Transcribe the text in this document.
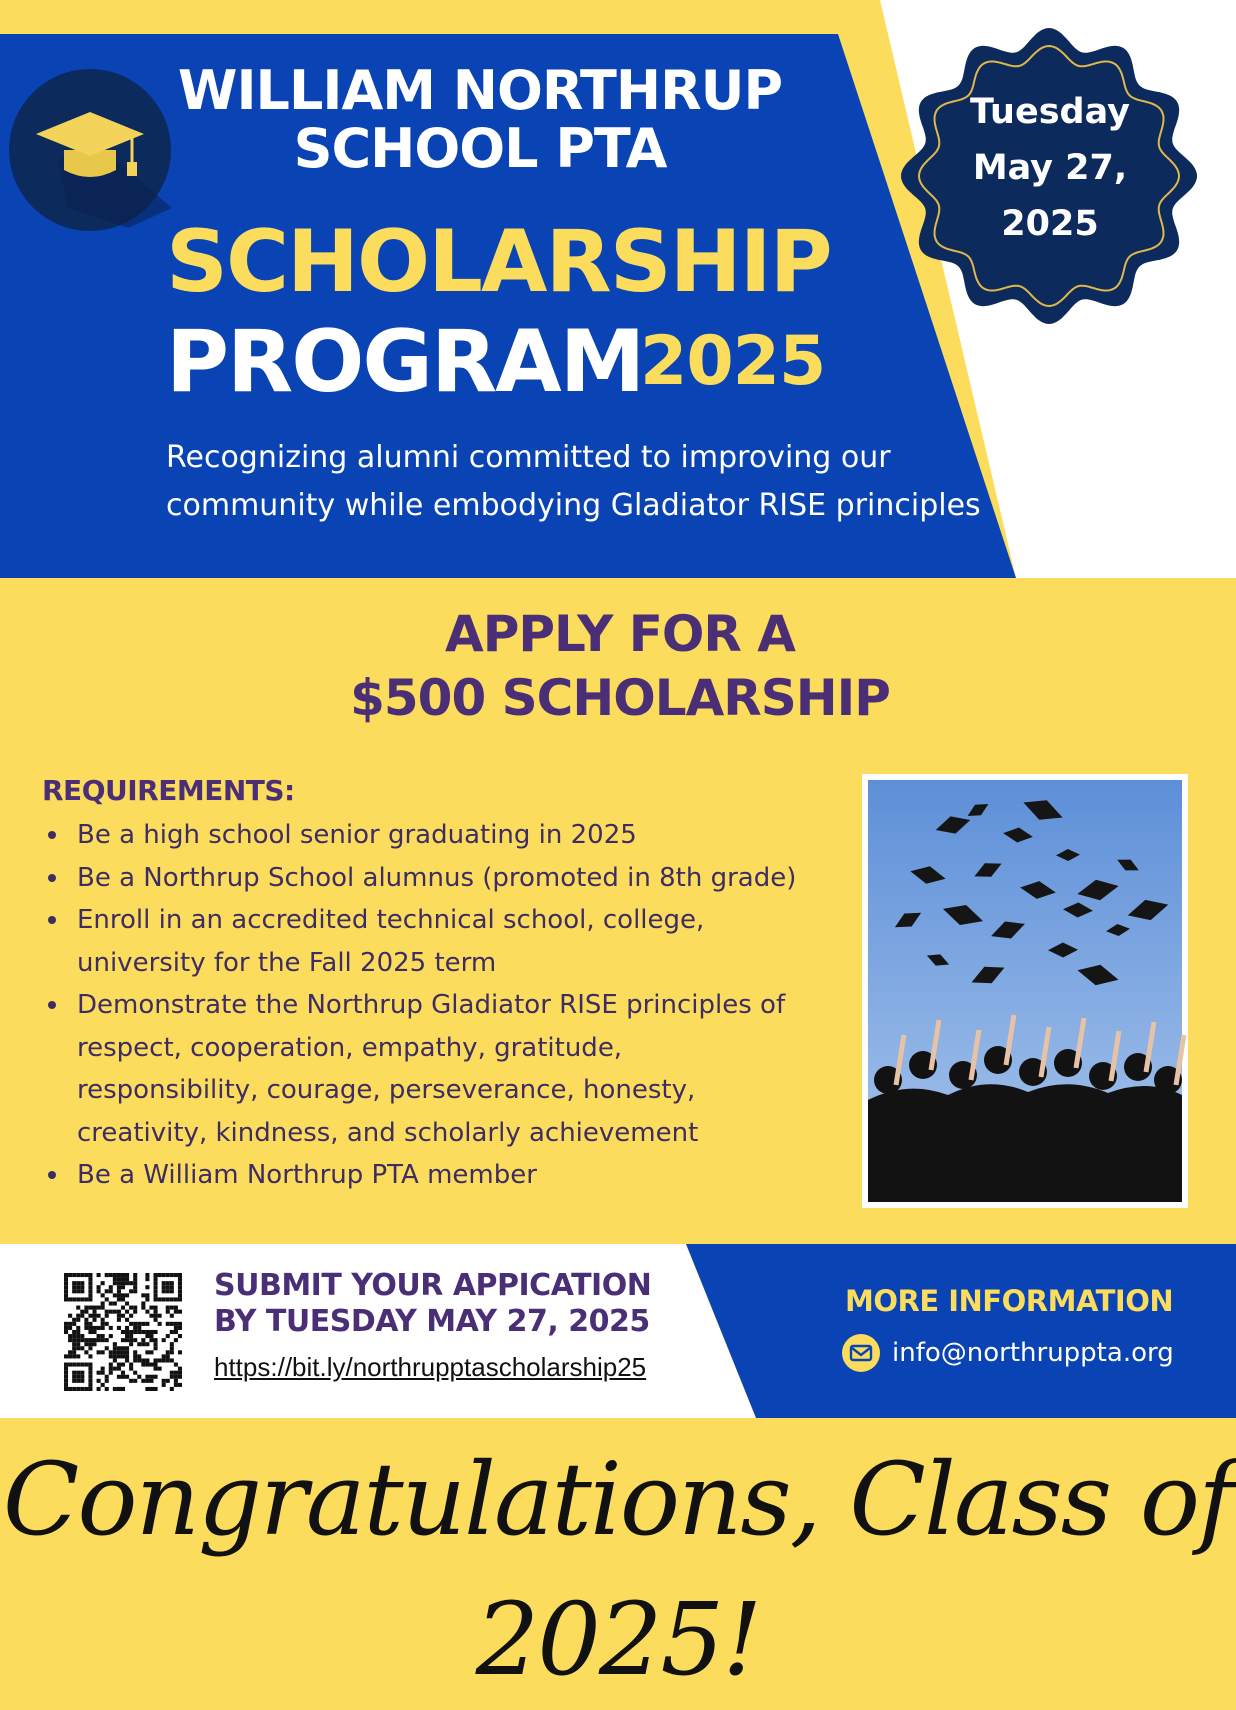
WILLIAM NORTHRUP
SCHOOL PTA
SCHOLARSHIP
PROGRAM
2025
Recognizing alumni committed to improving our
community while embodying Gladiator RISE principles
Tuesday
May 27,
2025
APPLY FOR A
$500 SCHOLARSHIP
REQUIREMENTS:
Be a high school senior graduating in 2025
Be a Northrup School alumnus (promoted in 8th grade)
Enroll in an accredited technical school, college, university for the Fall 2025 term
Demonstrate the Northrup Gladiator RISE principles of respect, cooperation, empathy, gratitude, responsibility, courage, perseverance, honesty, creativity, kindness, and scholarly achievement
Be a William Northrup PTA member
SUBMIT YOUR APPICATION
BY TUESDAY MAY 27, 2025
https://bit.ly/northrupptascholarship25
MORE INFORMATION
info@northruppta.org
Congratulations, Class of 2025!
